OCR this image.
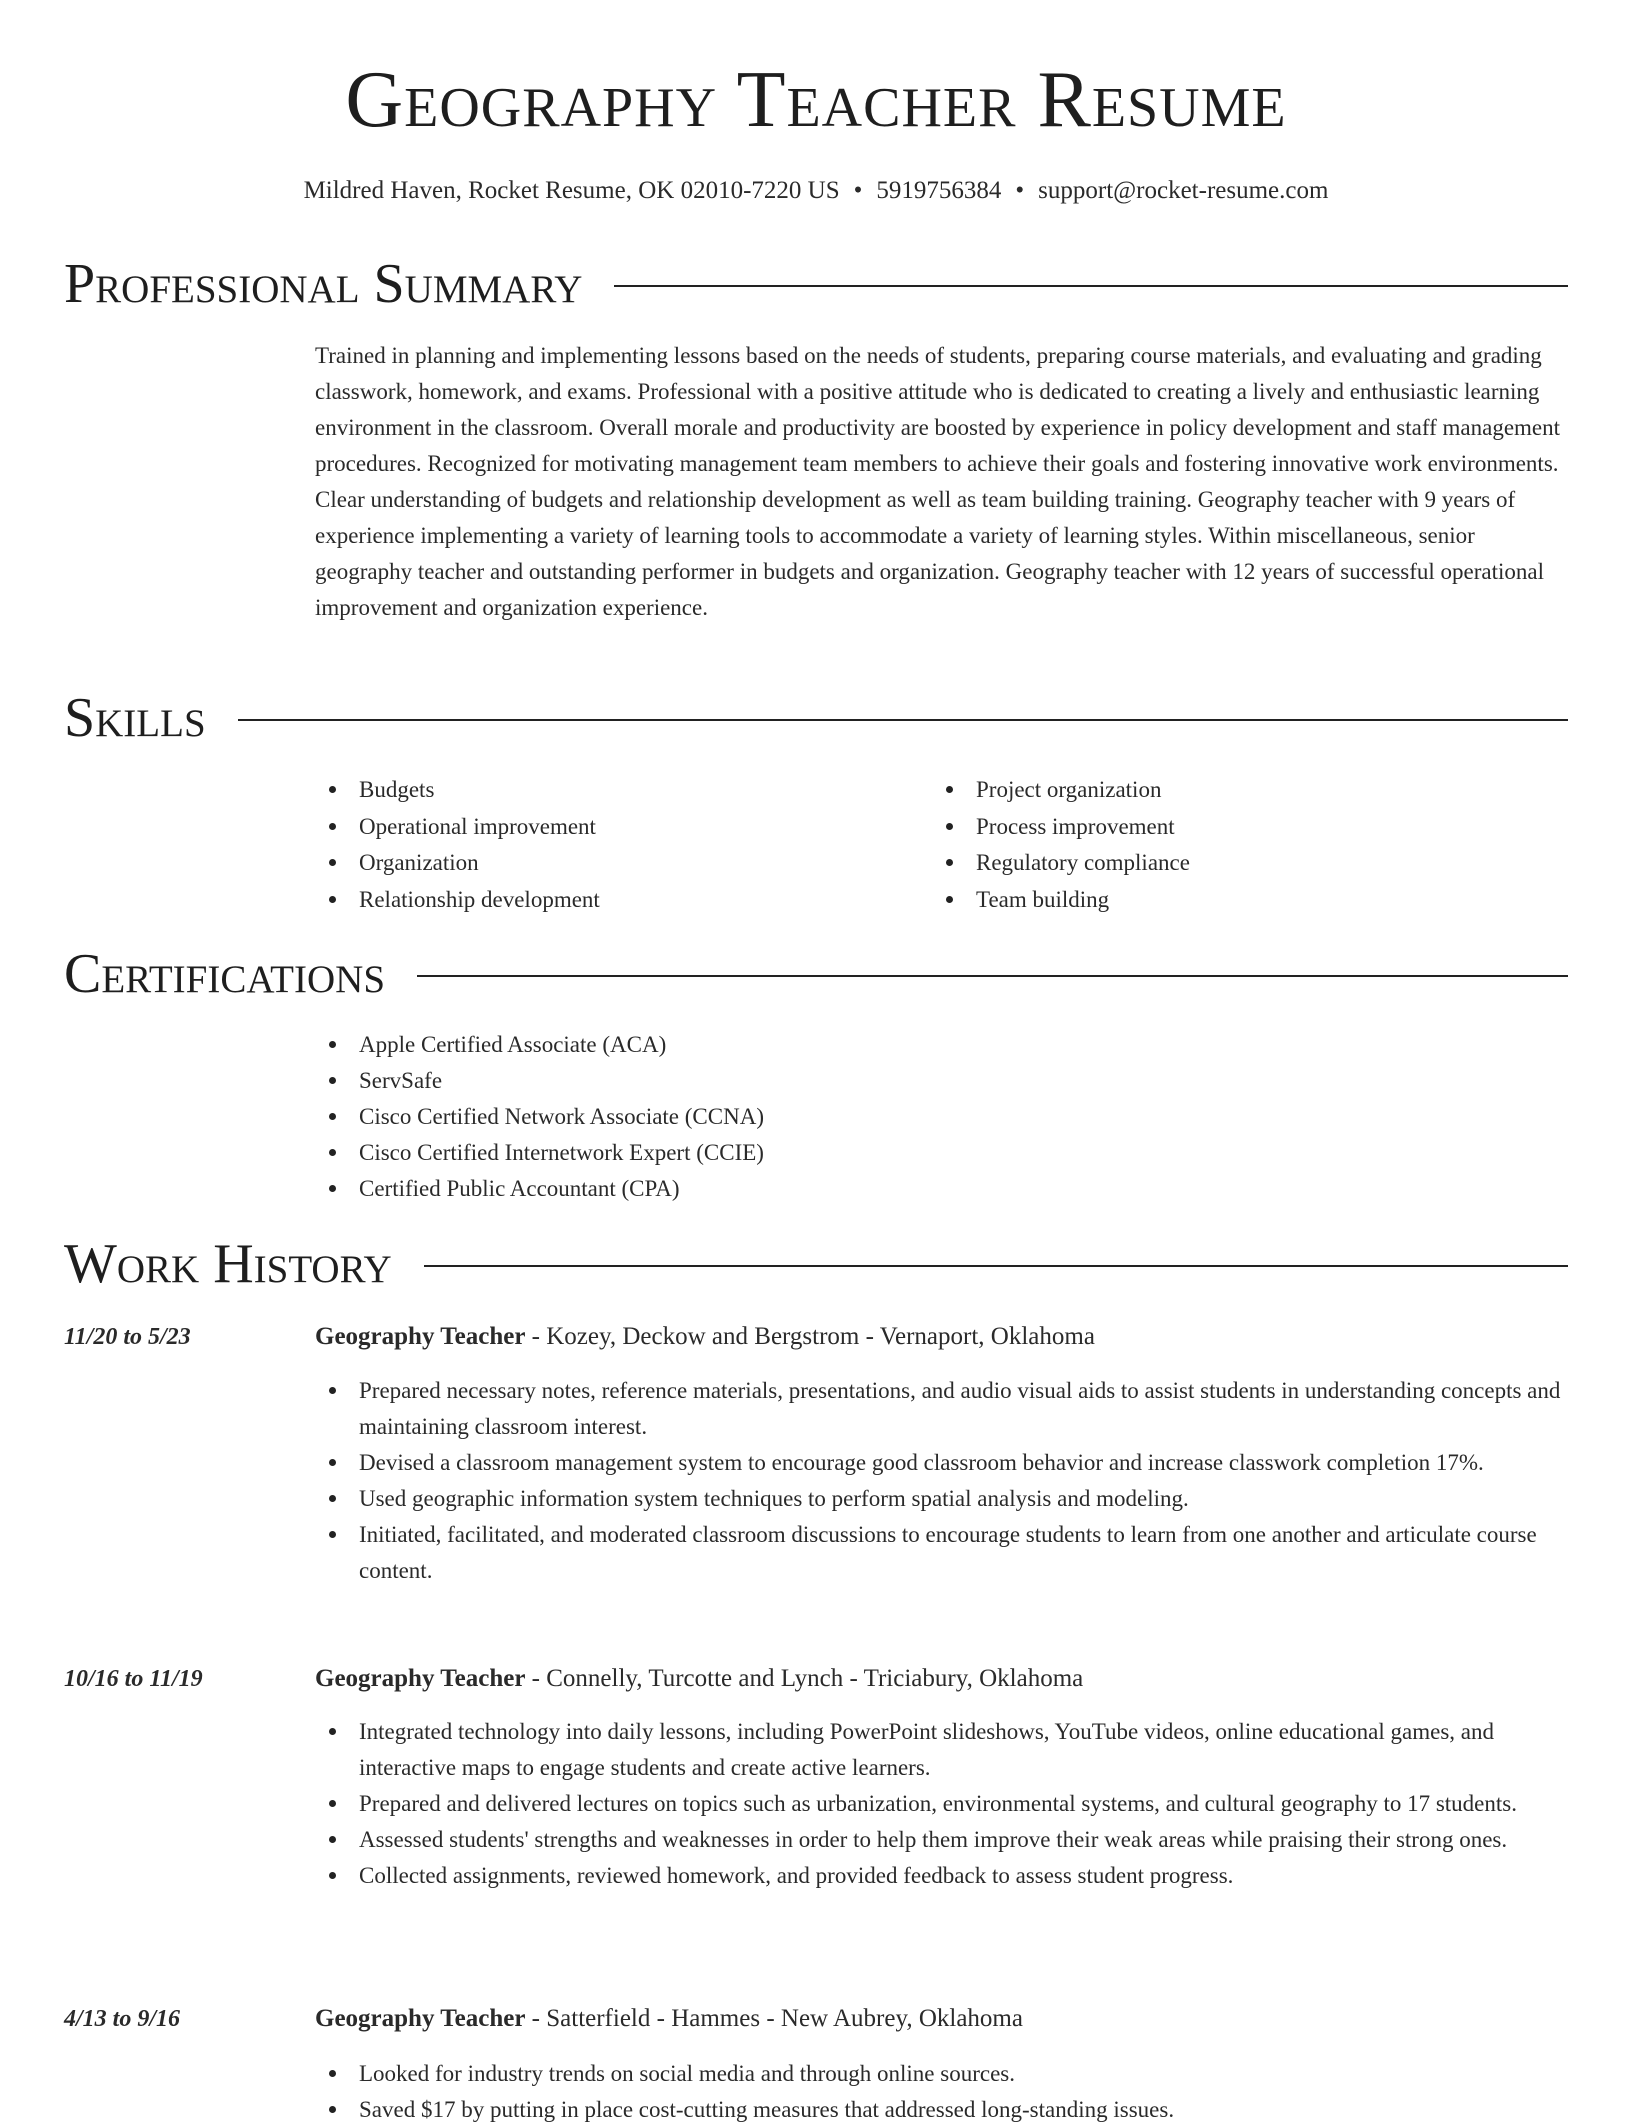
Geography Teacher Resume
Mildred Haven, Rocket Resume, OK 02010-7220 US • 5919756384 • support@rocket-resume.com
Professional Summary

Trained in planning and implementing lessons based on the needs of students, preparing course materials, and evaluating and grading classwork, homework, and exams. Professional with a positive attitude who is dedicated to creating a lively and enthusiastic learning environment in the classroom. Overall morale and productivity are boosted by experience in policy development and staff management procedures. Recognized for motivating management team members to achieve their goals and fostering innovative work environments. Clear understanding of budgets and relationship development as well as team building training. Geography teacher with 9 years of experience implementing a variety of learning tools to accommodate a variety of learning styles. Within miscellaneous, senior geography teacher and outstanding performer in budgets and organization. Geography teacher with 12 years of successful operational improvement and organization experience.

Skills
Budgets
Operational improvement
Organization
Relationship development
Project organization
Process improvement
Regulatory compliance
Team building
Certifications
Apple Certified Associate (ACA)
ServSafe
Cisco Certified Network Associate (CCNA)
Cisco Certified Internetwork Expert (CCIE)
Certified Public Accountant (CPA)
Work History
11/20 to 5/23	Geography Teacher - Kozey, Deckow and Bergstrom - Vernaport, Oklahoma
Prepared necessary notes, reference materials, presentations, and audio visual aids to assist students in understanding concepts and maintaining classroom interest.
Devised a classroom management system to encourage good classroom behavior and increase classwork completion 17%.
Used geographic information system techniques to perform spatial analysis and modeling.
Initiated, facilitated, and moderated classroom discussions to encourage students to learn from one another and articulate course content.
10/16 to 11/19	Geography Teacher - Connelly, Turcotte and Lynch - Triciabury, Oklahoma
Integrated technology into daily lessons, including PowerPoint slideshows, YouTube videos, online educational games, and interactive maps to engage students and create active learners.
Prepared and delivered lectures on topics such as urbanization, environmental systems, and cultural geography to 17 students.
Assessed students' strengths and weaknesses in order to help them improve their weak areas while praising their strong ones.
Collected assignments, reviewed homework, and provided feedback to assess student progress.
4/13 to 9/16	Geography Teacher - Satterfield - Hammes - New Aubrey, Oklahoma
Looked for industry trends on social media and through online sources.
Saved $17 by putting in place cost-cutting measures that addressed long-standing issues.
